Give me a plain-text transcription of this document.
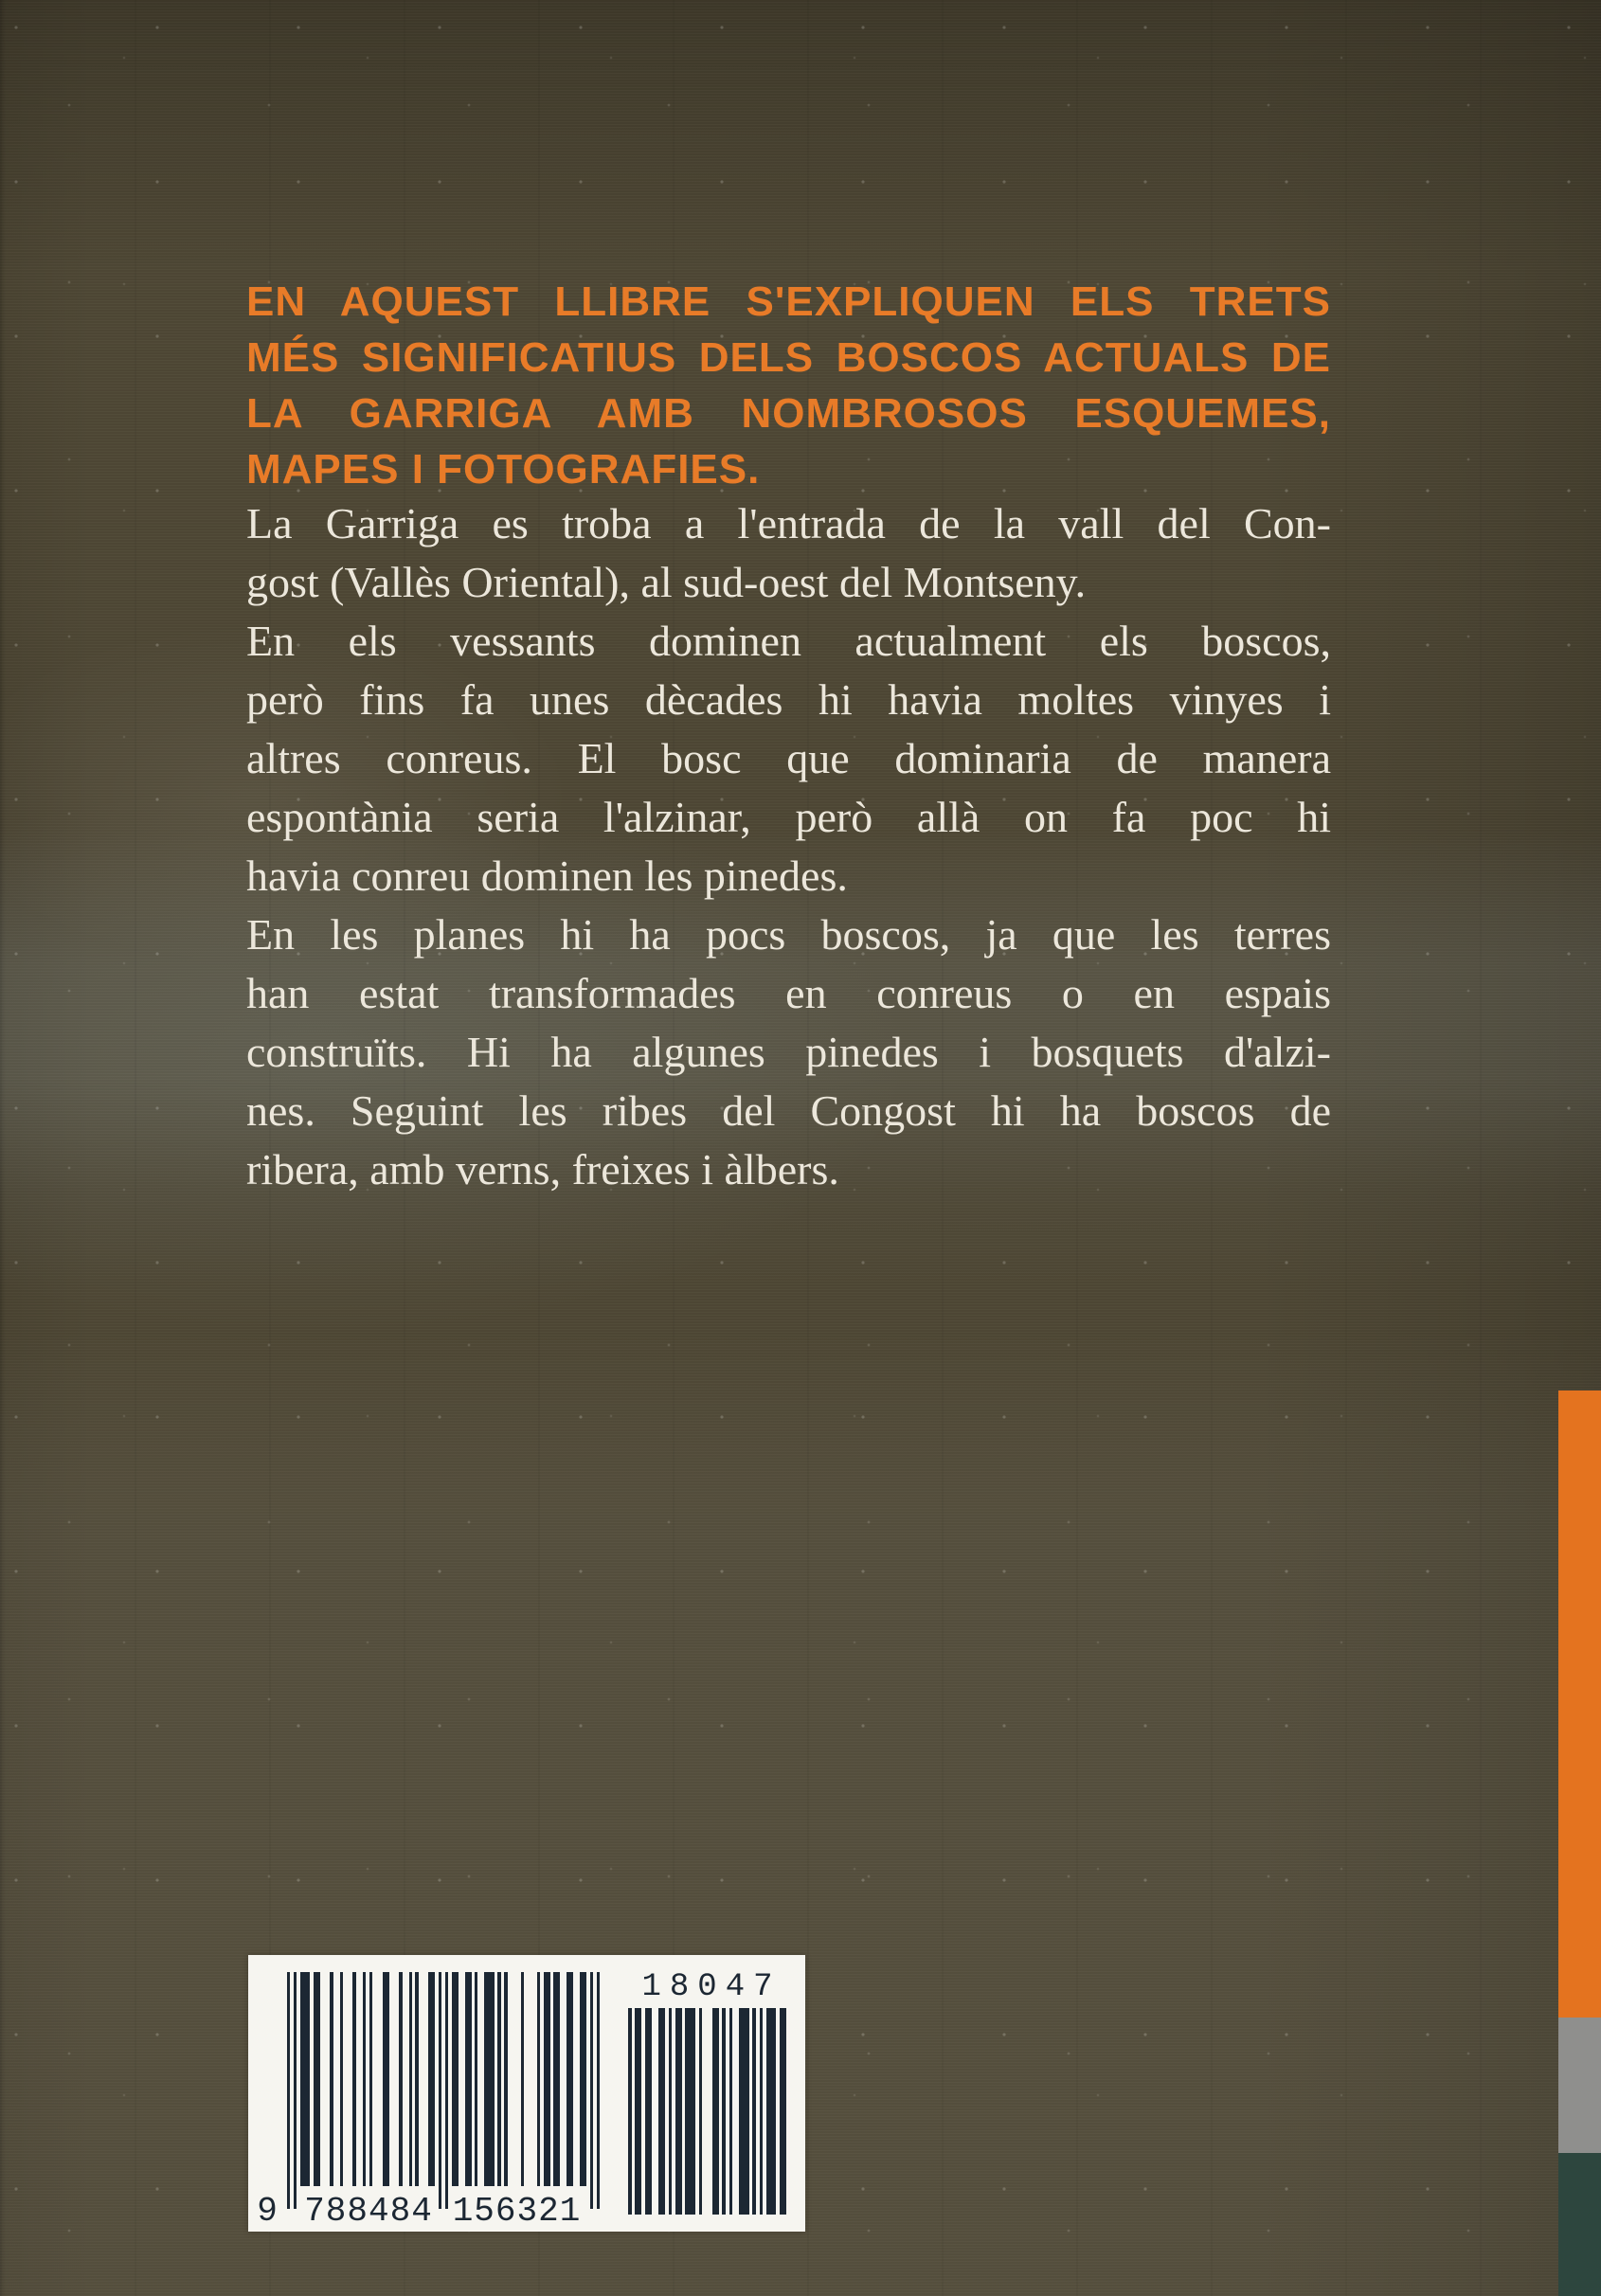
EN AQUEST LLIBRE S'EXPLIQUEN ELS TRETS
MÉS SIGNIFICATIUS DELS BOSCOS ACTUALS DE
LA GARRIGA AMB NOMBROSOS ESQUEMES,
MAPES I FOTOGRAFIES.
La Garriga es troba a l'entrada de la vall del Con-
gost (Vallès Oriental), al sud-oest del Montseny.
En els vessants dominen actualment els boscos,
però fins fa unes dècades hi havia moltes vinyes i
altres conreus. El bosc que dominaria de manera
espontània seria l'alzinar, però allà on fa poc hi
havia conreu dominen les pinedes.
En les planes hi ha pocs boscos, ja que les terres
han estat transformades en conreus o en espais
construïts. Hi ha algunes pinedes i bosquets d'alzi-
nes. Seguint les ribes del Congost hi ha boscos de
ribera, amb verns, freixes i àlbers.
9 788484 156321
18047
